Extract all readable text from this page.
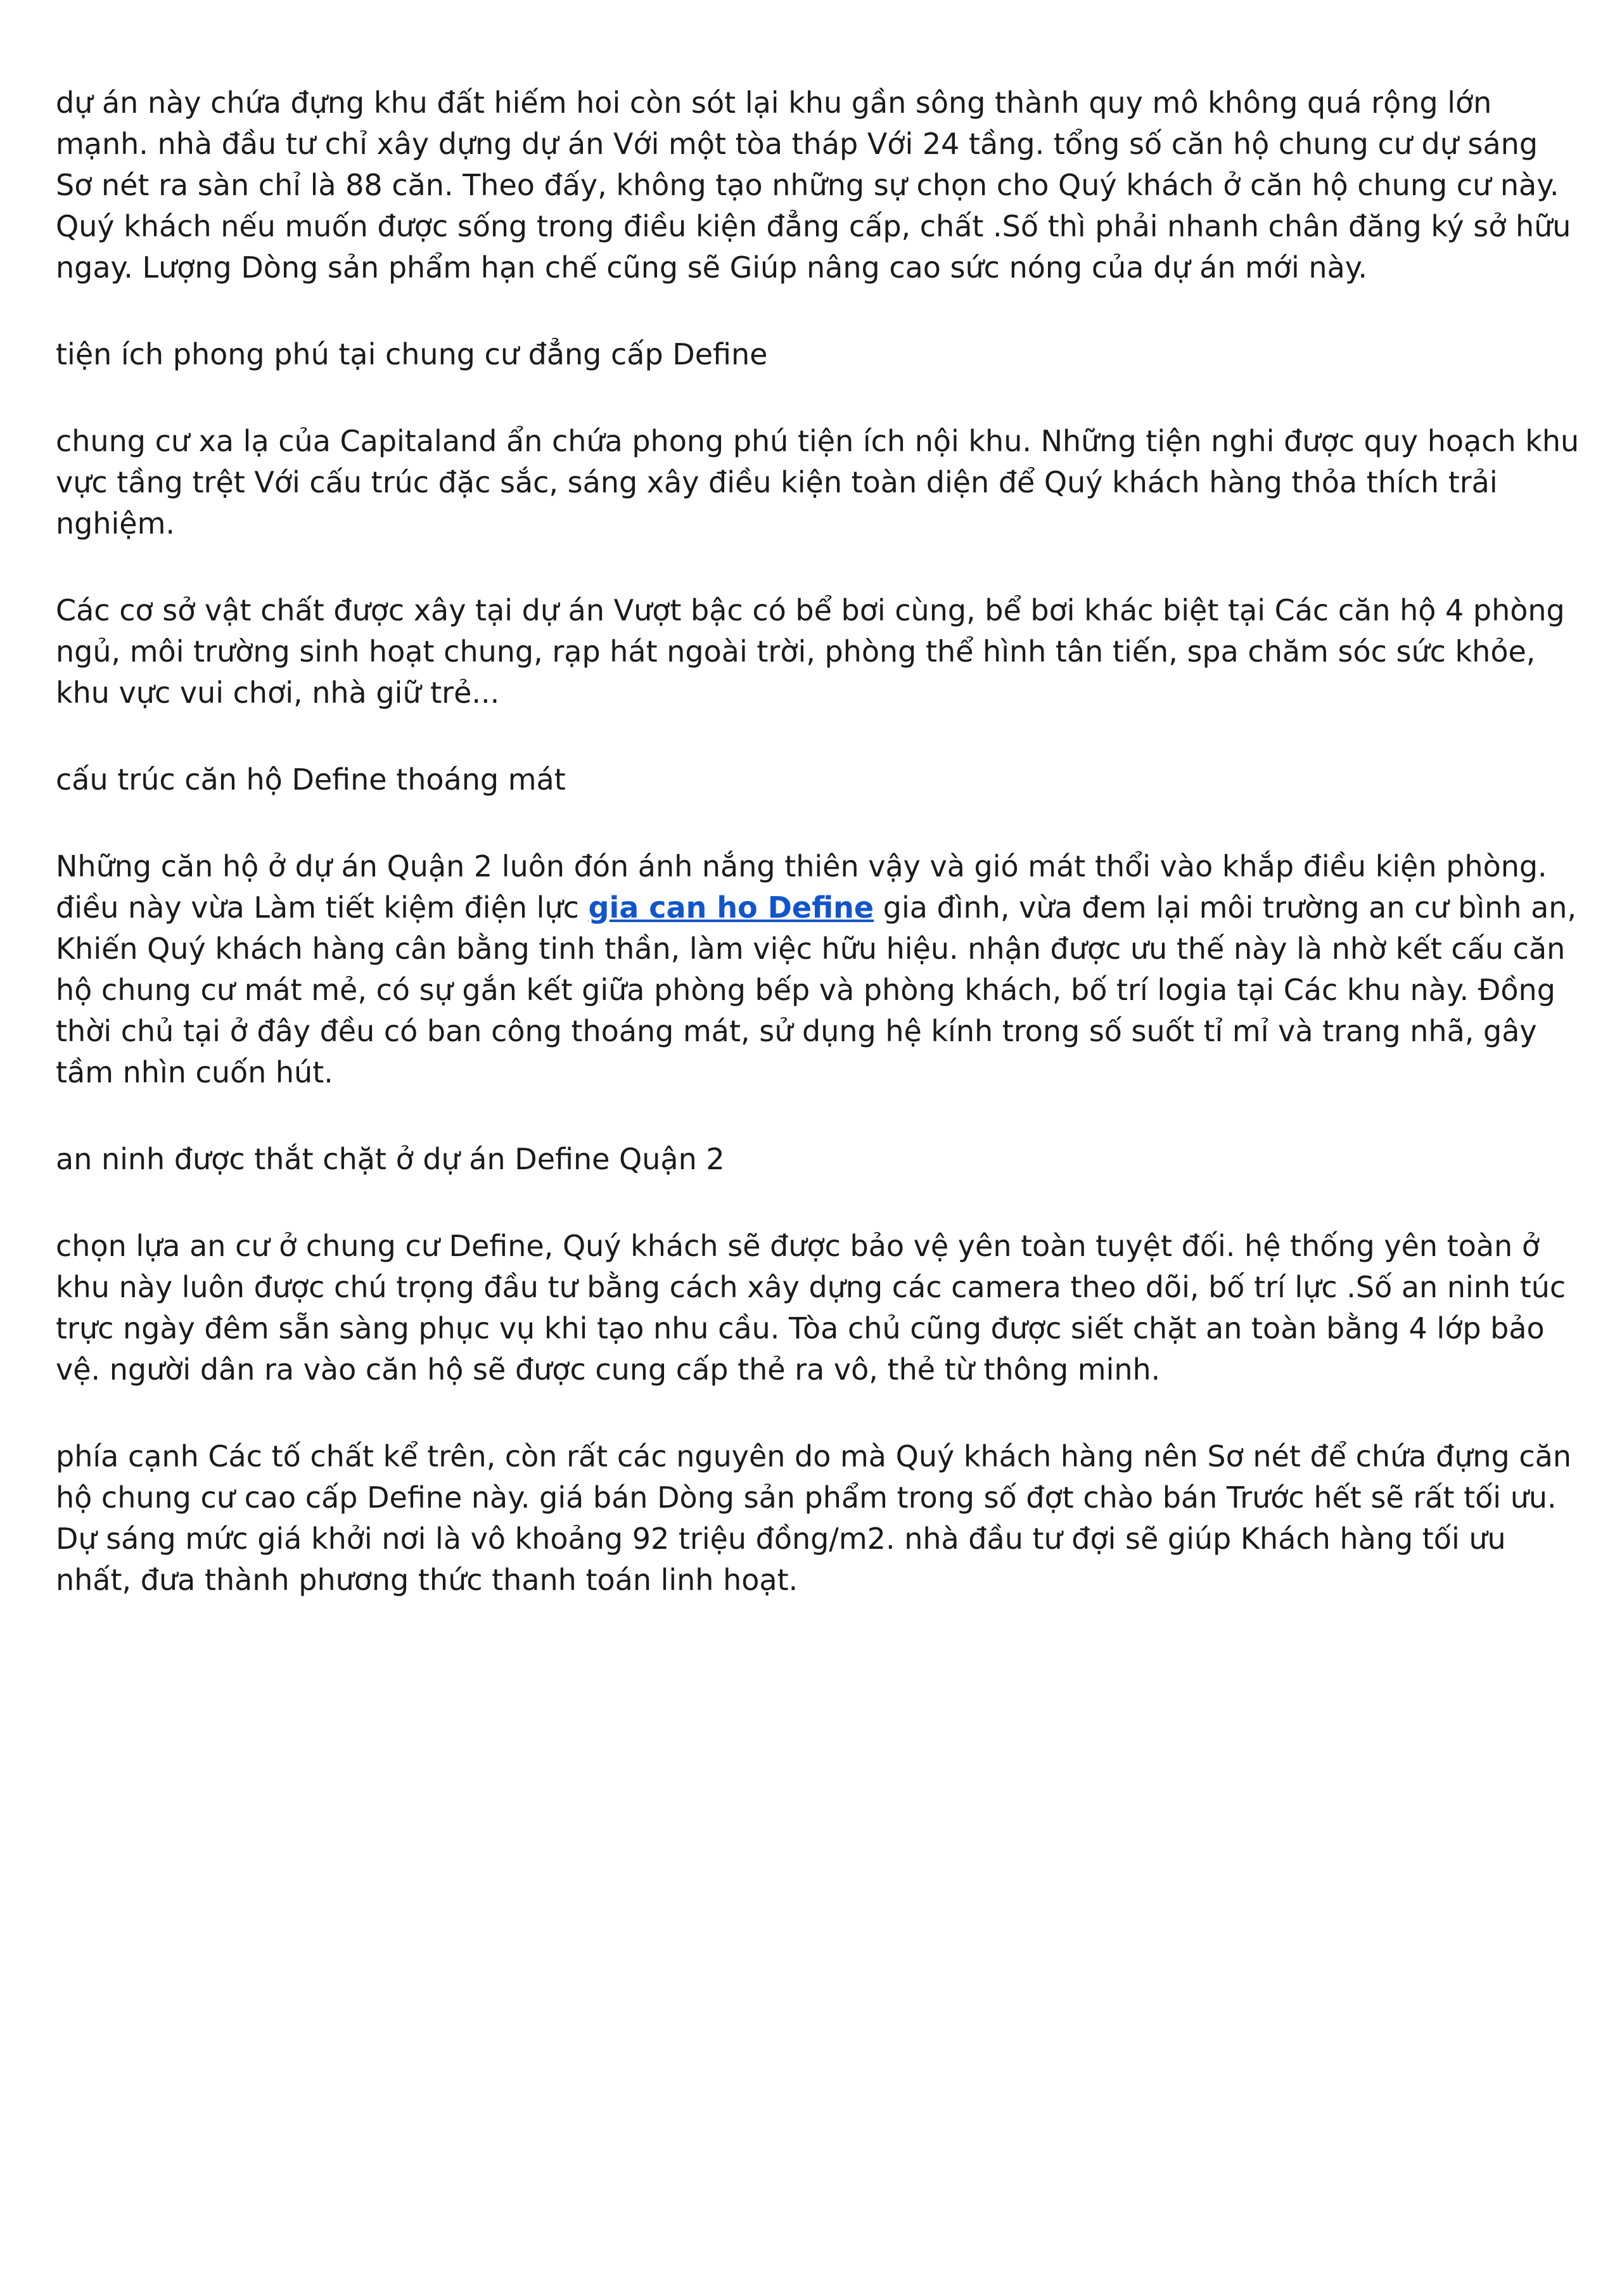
dự án này chứa đựng khu đất hiếm hoi còn sót lại khu gần sông thành quy mô không quá rộng lớn mạnh. nhà đầu tư chỉ xây dựng dự án Với một tòa tháp Với 24 tầng. tổng số căn hộ chung cư dự sáng Sơ nét ra sàn chỉ là 88 căn. Theo đấy, không tạo những sự chọn cho Quý khách ở căn hộ chung cư này. Quý khách nếu muốn được sống trong điều kiện đẳng cấp, chất .Số thì phải nhanh chân đăng ký sở hữu ngay. Lượng Dòng sản phẩm hạn chế cũng sẽ Giúp nâng cao sức nóng của dự án mới này.

tiện ích phong phú tại chung cư đẳng cấp Define

chung cư xa lạ của Capitaland ẩn chứa phong phú tiện ích nội khu. Những tiện nghi được quy hoạch khu vực tầng trệt Với cấu trúc đặc sắc, sáng xây điều kiện toàn diện để Quý khách hàng thỏa thích trải nghiệm.

Các cơ sở vật chất được xây tại dự án Vượt bậc có bể bơi cùng, bể bơi khác biệt tại Các căn hộ 4 phòng ngủ, môi trường sinh hoạt chung, rạp hát ngoài trời, phòng thể hình tân tiến, spa chăm sóc sức khỏe, khu vực vui chơi, nhà giữ trẻ...

cấu trúc căn hộ Define thoáng mát

Những căn hộ ở dự án Quận 2 luôn đón ánh nắng thiên vậy và gió mát thổi vào khắp điều kiện phòng. điều này vừa Làm tiết kiệm điện lực gia can ho Define gia đình, vừa đem lại môi trường an cư bình an, Khiến Quý khách hàng cân bằng tinh thần, làm việc hữu hiệu. nhận được ưu thế này là nhờ kết cấu căn hộ chung cư mát mẻ, có sự gắn kết giữa phòng bếp và phòng khách, bố trí logia tại Các khu này. Đồng thời chủ tại ở đây đều có ban công thoáng mát, sử dụng hệ kính trong số suốt tỉ mỉ và trang nhã, gây tầm nhìn cuốn hút.

an ninh được thắt chặt ở dự án Define Quận 2

chọn lựa an cư ở chung cư Define, Quý khách sẽ được bảo vệ yên toàn tuyệt đối. hệ thống yên toàn ở khu này luôn được chú trọng đầu tư bằng cách xây dựng các camera theo dõi, bố trí lực .Số an ninh túc trực ngày đêm sẵn sàng phục vụ khi tạo nhu cầu. Tòa chủ cũng được siết chặt an toàn bằng 4 lớp bảo vệ. người dân ra vào căn hộ sẽ được cung cấp thẻ ra vô, thẻ từ thông minh.

phía cạnh Các tố chất kể trên, còn rất các nguyên do mà Quý khách hàng nên Sơ nét để chứa đựng căn hộ chung cư cao cấp Define này. giá bán Dòng sản phẩm trong số đợt chào bán Trước hết sẽ rất tối ưu. Dự sáng mức giá khởi nơi là vô khoảng 92 triệu đồng/m2. nhà đầu tư đợi sẽ giúp Khách hàng tối ưu nhất, đưa thành phương thức thanh toán linh hoạt.
